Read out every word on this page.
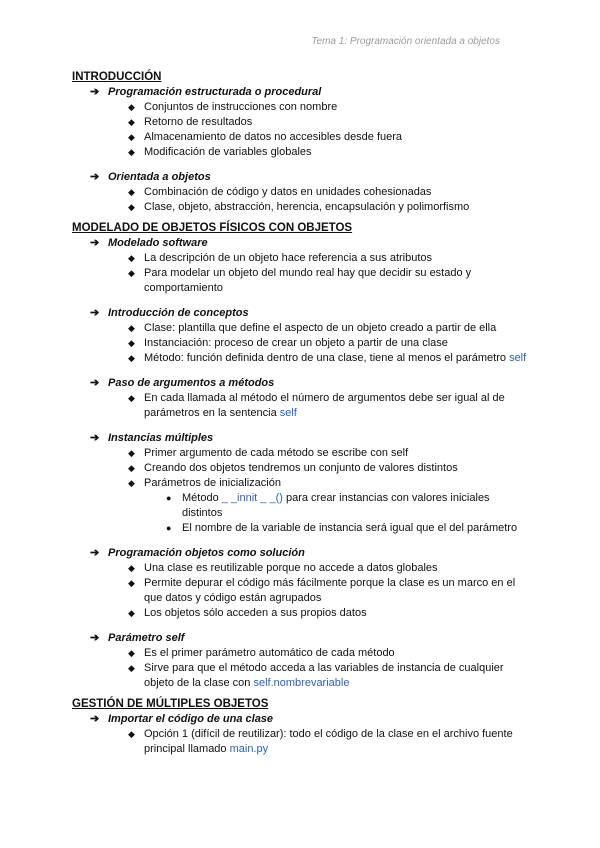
Tema 1: Programación orientada a objetos
INTRODUCCIÓN
➔ Programación estructurada o procedural
◆ Conjuntos de instrucciones con nombre
◆ Retorno de resultados
◆ Almacenamiento de datos no accesibles desde fuera
◆ Modificación de variables globales
➔ Orientada a objetos
◆ Combinación de código y datos en unidades cohesionadas
◆ Clase, objeto, abstracción, herencia, encapsulación y polimorfismo
MODELADO DE OBJETOS FÍSICOS CON OBJETOS
➔ Modelado software
◆ La descripción de un objeto hace referencia a sus atributos
◆ Para modelar un objeto del mundo real hay que decidir su estado y comportamiento
➔ Introducción de conceptos
◆ Clase: plantilla que define el aspecto de un objeto creado a partir de ella
◆ Instanciación: proceso de crear un objeto a partir de una clase
◆ Método: función definida dentro de una clase, tiene al menos el parámetro self
➔ Paso de argumentos a métodos
◆ En cada llamada al método el número de argumentos debe ser igual al de parámetros en la sentencia self
➔ Instancias múltiples
◆ Primer argumento de cada método se escribe con self
◆ Creando dos objetos tendremos un conjunto de valores distintos
◆ Parámetros de inicialización
● Método _ _innit _ _() para crear instancias con valores iniciales distintos
● El nombre de la variable de instancia será igual que el del parámetro
➔ Programación objetos como solución
◆ Una clase es reutilizable porque no accede a datos globales
◆ Permite depurar el código más fácilmente porque la clase es un marco en el que datos y código están agrupados
◆ Los objetos sólo acceden a sus propios datos
➔ Parámetro self
◆ Es el primer parámetro automático de cada método
◆ Sirve para que el método acceda a las variables de instancia de cualquier objeto de la clase con self.nombrevariable
GESTIÓN DE MÚLTIPLES OBJETOS
➔ Importar el código de una clase
◆ Opción 1 (difícil de reutilizar): todo el código de la clase en el archivo fuente principal llamado main.py
